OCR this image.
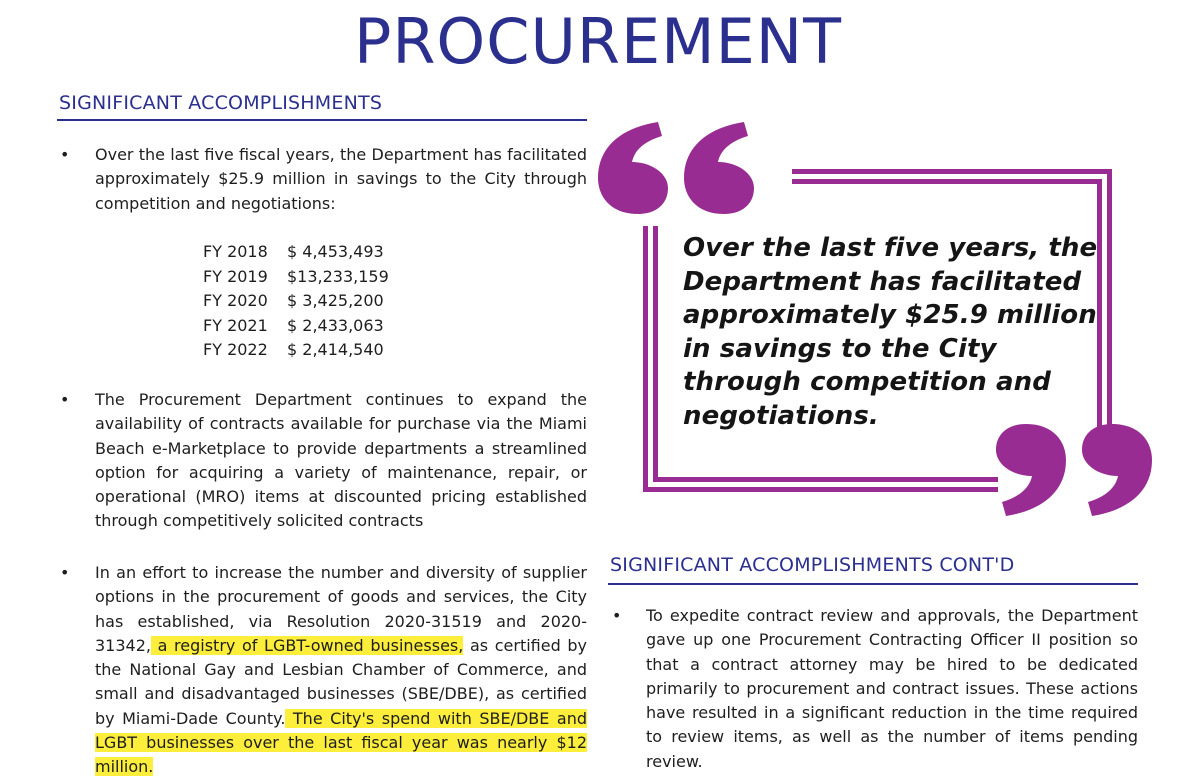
PROCUREMENT
SIGNIFICANT ACCOMPLISHMENTS
• Over the last five fiscal years, the Department has facilitated approximately $25.9 million in savings to the City through competition and negotiations:
FY 2018	$ 4,453,493
FY 2019	$13,233,159
FY 2020	$ 3,425,200
FY 2021	$ 2,433,063
FY 2022	$ 2,414,540
• The Procurement Department continues to expand the availability of contracts available for purchase via the Miami Beach e-Marketplace to provide departments a streamlined option for acquiring a variety of maintenance, repair, or operational (MRO) items at discounted pricing established through competitively solicited contracts
• In an effort to increase the number and diversity of supplier options in the procurement of goods and services, the City has established, via Resolution 2020-31519 and 2020-31342, a registry of LGBT-owned businesses, as certified by the National Gay and Lesbian Chamber of Commerce, and small and disadvantaged businesses (SBE/DBE), as certified by Miami-Dade County. The City's spend with SBE/DBE and LGBT businesses over the last fiscal year was nearly $12 million.
Over the last five years, the Department has facilitated approximately $25.9 million in savings to the City through competition and negotiations.
SIGNIFICANT ACCOMPLISHMENTS CONT'D
• To expedite contract review and approvals, the Department gave up one Procurement Contracting Officer II position so that a contract attorney may be hired to be dedicated primarily to procurement and contract issues. These actions have resulted in a significant reduction in the time required to review items, as well as the number of items pending review.
